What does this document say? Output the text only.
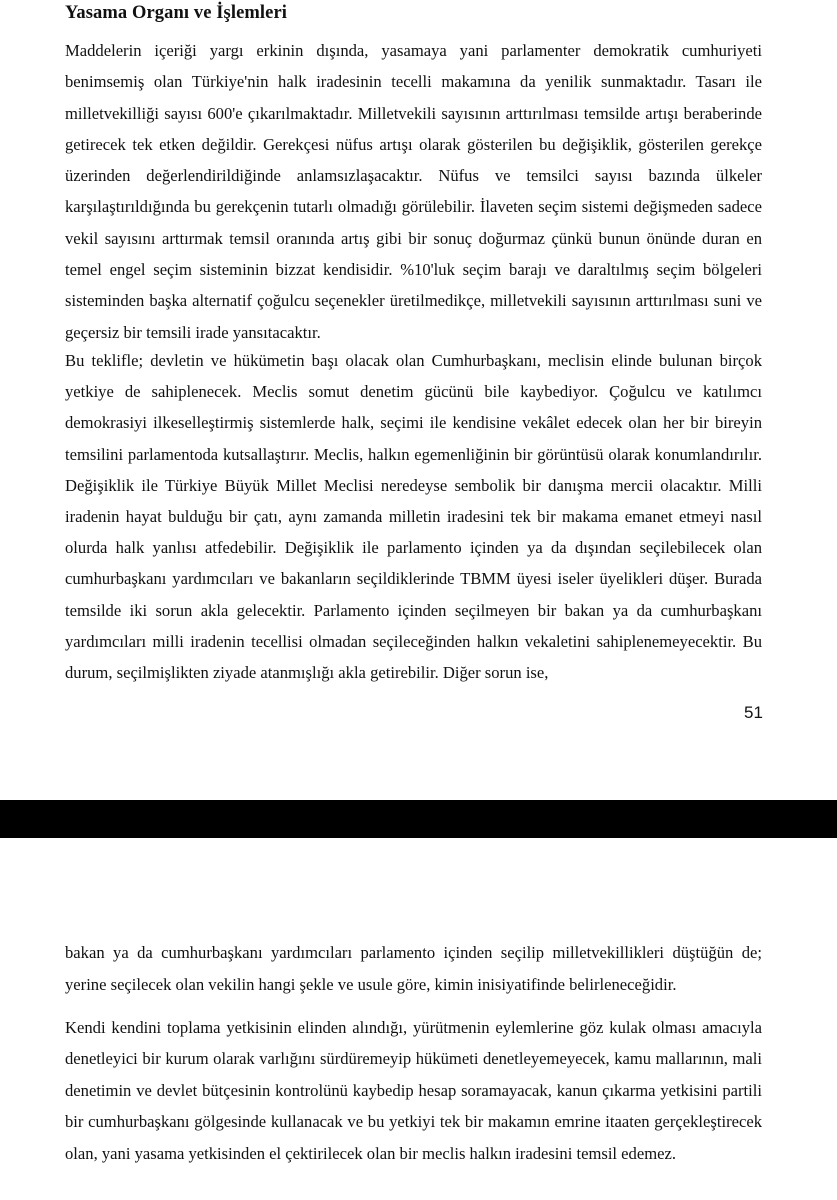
Yasama Organı ve İşlemleri

Maddelerin içeriği yargı erkinin dışında, yasamaya yani parlamenter demokratik cumhuriyeti benimsemiş olan Türkiye'nin halk iradesinin tecelli makamına da yenilik sunmaktadır. Tasarı ile milletvekilliği sayısı 600'e çıkarılmaktadır. Milletvekili sayısının arttırılması temsilde artışı beraberinde getirecek tek etken değildir. Gerekçesi nüfus artışı olarak gösterilen bu değişiklik, gösterilen gerekçe üzerinden değerlendirildiğinde anlamsızlaşacaktır. Nüfus ve temsilci sayısı bazında ülkeler karşılaştırıldığında bu gerekçenin tutarlı olmadığı görülebilir. İlaveten seçim sistemi değişmeden sadece vekil sayısını arttırmak temsil oranında artış gibi bir sonuç doğurmaz çünkü bunun önünde duran en temel engel seçim sisteminin bizzat kendisidir. %10'luk seçim barajı ve daraltılmış seçim bölgeleri sisteminden başka alternatif çoğulcu seçenekler üretilmedikçe, milletvekili sayısının arttırılması suni ve geçersiz bir temsili irade yansıtacaktır.

Bu teklifle; devletin ve hükümetin başı olacak olan Cumhurbaşkanı, meclisin elinde bulunan birçok yetkiye de sahiplenecek. Meclis somut denetim gücünü bile kaybediyor. Çoğulcu ve katılımcı demokrasiyi ilkeselleştirmiş sistemlerde halk, seçimi ile kendisine vekâlet edecek olan her bir bireyin temsilini parlamentoda kutsallaştırır. Meclis, halkın egemenliğinin bir görüntüsü olarak konumlandırılır. Değişiklik ile Türkiye Büyük Millet Meclisi neredeyse sembolik bir danışma mercii olacaktır. Milli iradenin hayat bulduğu bir çatı, aynı zamanda milletin iradesini tek bir makama emanet etmeyi nasıl olurda halk yanlısı atfedebilir. Değişiklik ile parlamento içinden ya da dışından seçilebilecek olan cumhurbaşkanı yardımcıları ve bakanların seçildiklerinde TBMM üyesi iseler üyelikleri düşer. Burada temsilde iki sorun akla gelecektir. Parlamento içinden seçilmeyen bir bakan ya da cumhurbaşkanı yardımcıları milli iradenin tecellisi olmadan seçileceğinden halkın vekaletini sahiplenemeyecektir. Bu durum, seçilmişlikten ziyade atanmışlığı akla getirebilir. Diğer sorun ise,

51

bakan ya da cumhurbaşkanı yardımcıları parlamento içinden seçilip milletvekillikleri düştüğün de; yerine seçilecek olan vekilin hangi şekle ve usule göre, kimin inisiyatifinde belirleneceğidir.

Kendi kendini toplama yetkisinin elinden alındığı, yürütmenin eylemlerine göz kulak olması amacıyla denetleyici bir kurum olarak varlığını sürdüremeyip hükümeti denetleyemeyecek, kamu mallarının, mali denetimin ve devlet bütçesinin kontrolünü kaybedip hesap soramayacak, kanun çıkarma yetkisini partili bir cumhurbaşkanı gölgesinde kullanacak ve bu yetkiyi tek bir makamın emrine itaaten gerçekleştirecek olan, yani yasama yetkisinden el çektirilecek olan bir meclis halkın iradesini temsil edemez.
